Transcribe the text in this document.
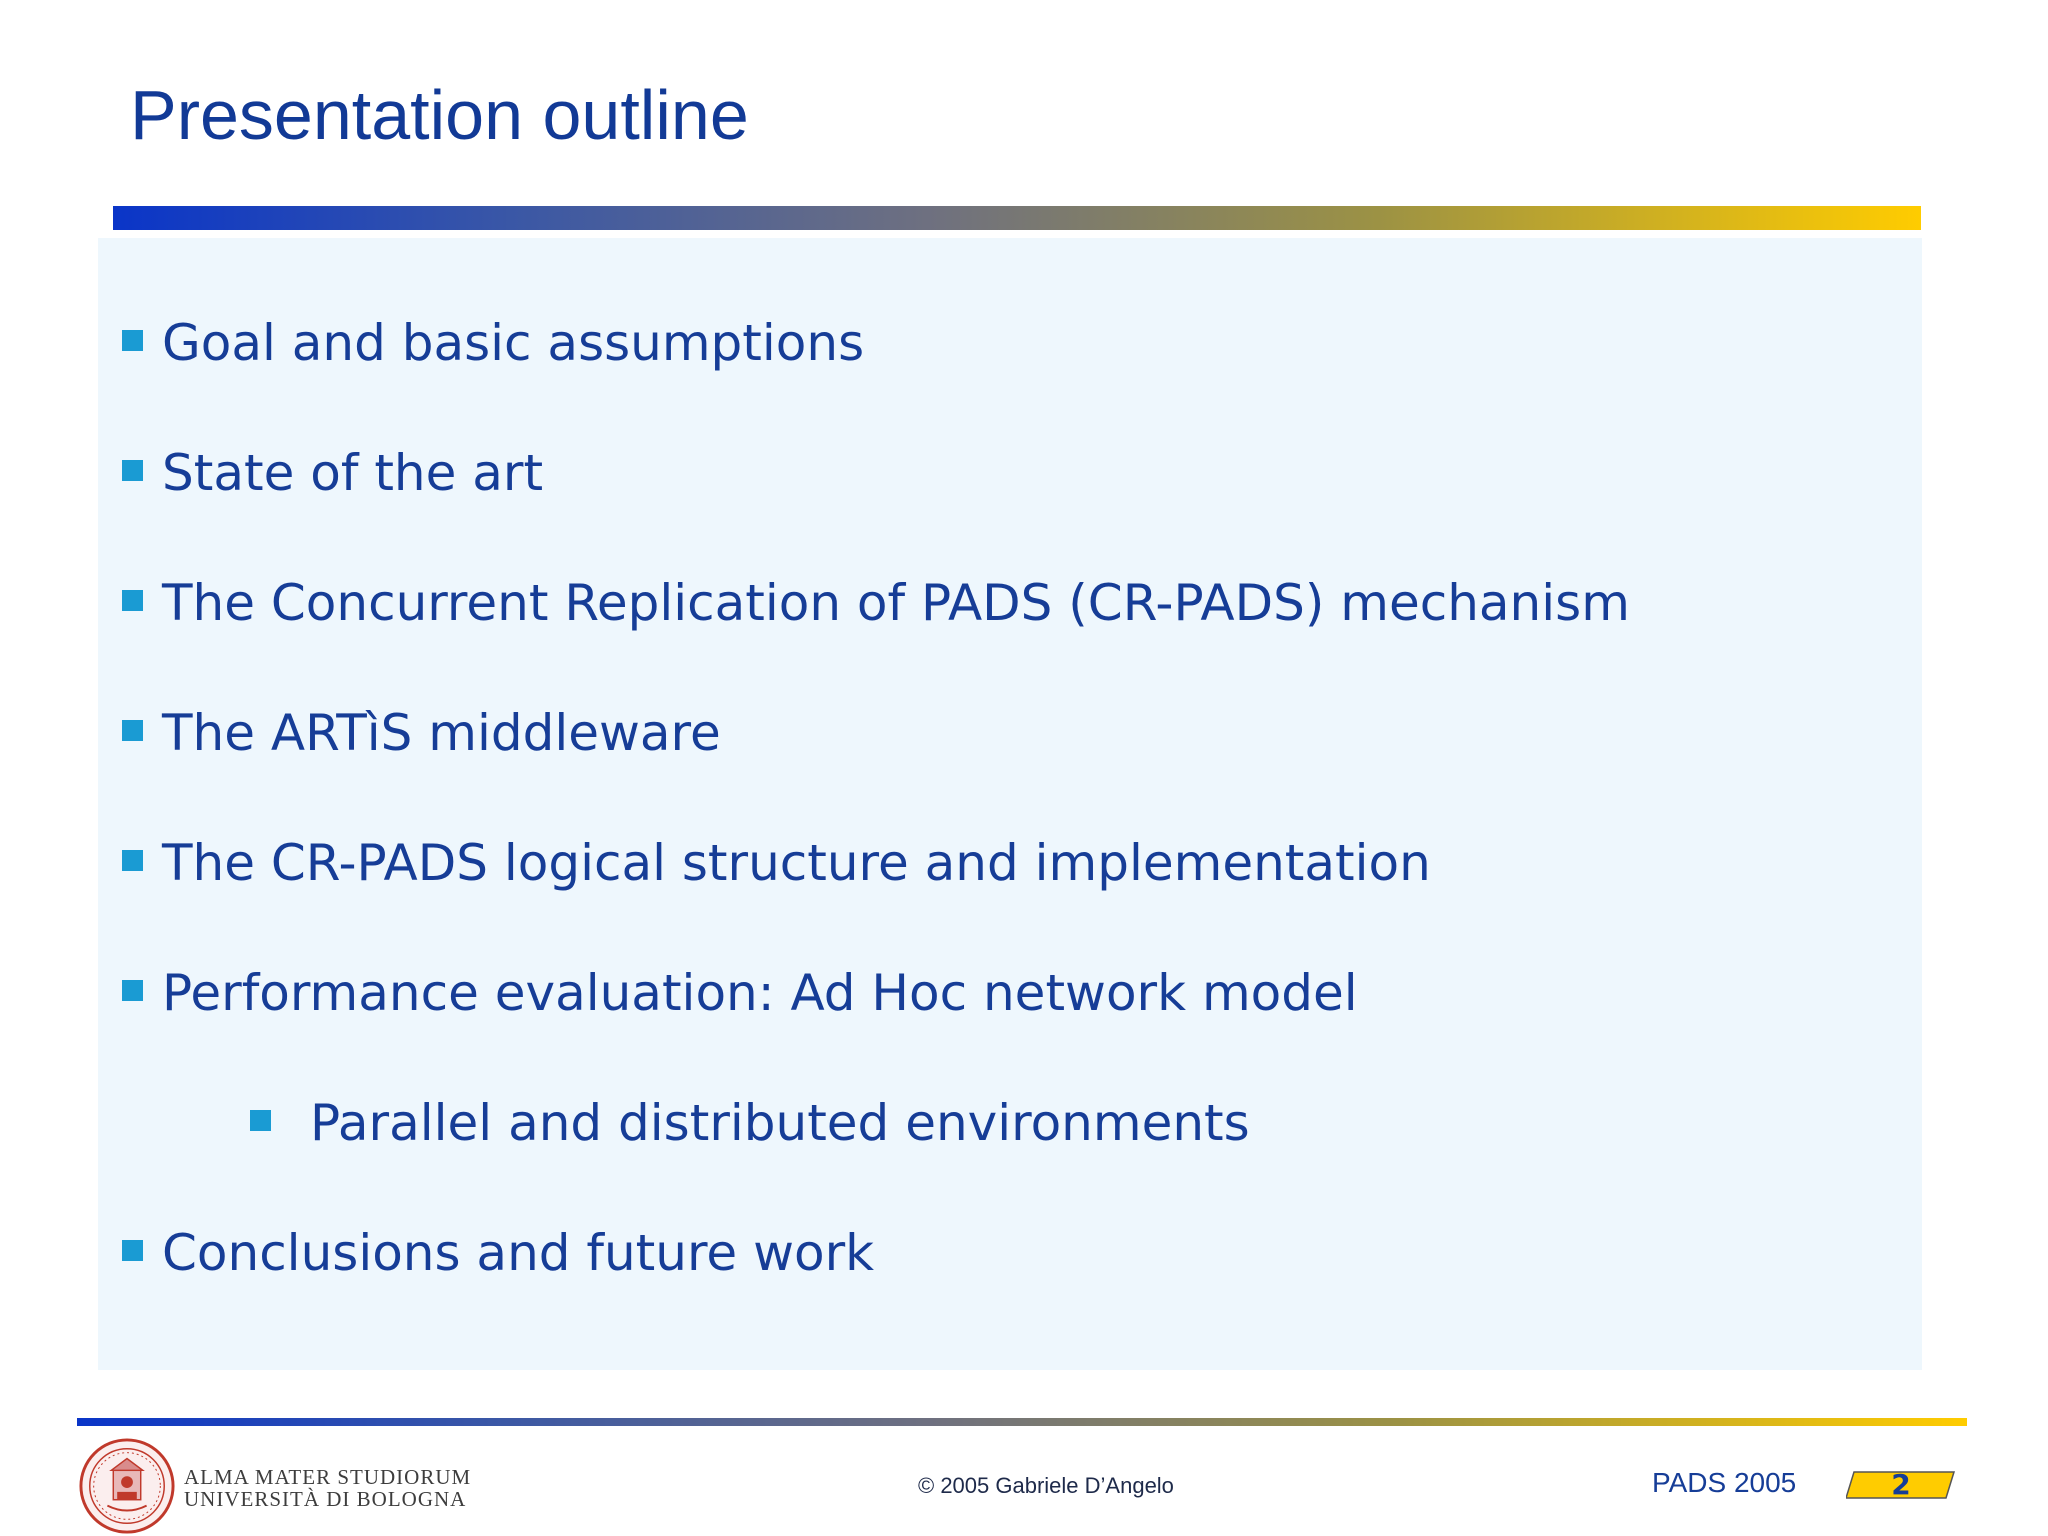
Presentation outline
Goal and basic assumptions
State of the art
The Concurrent Replication of PADS (CR-PADS) mechanism
The ARTìS middleware
The CR-PADS logical structure and implementation
Performance evaluation: Ad Hoc network model
Parallel and distributed environments
Conclusions and future work
ALMA MATER STUDIORUM
UNIVERSITÀ DI BOLOGNA
© 2005 Gabriele D’Angelo	PADS 2005	2
